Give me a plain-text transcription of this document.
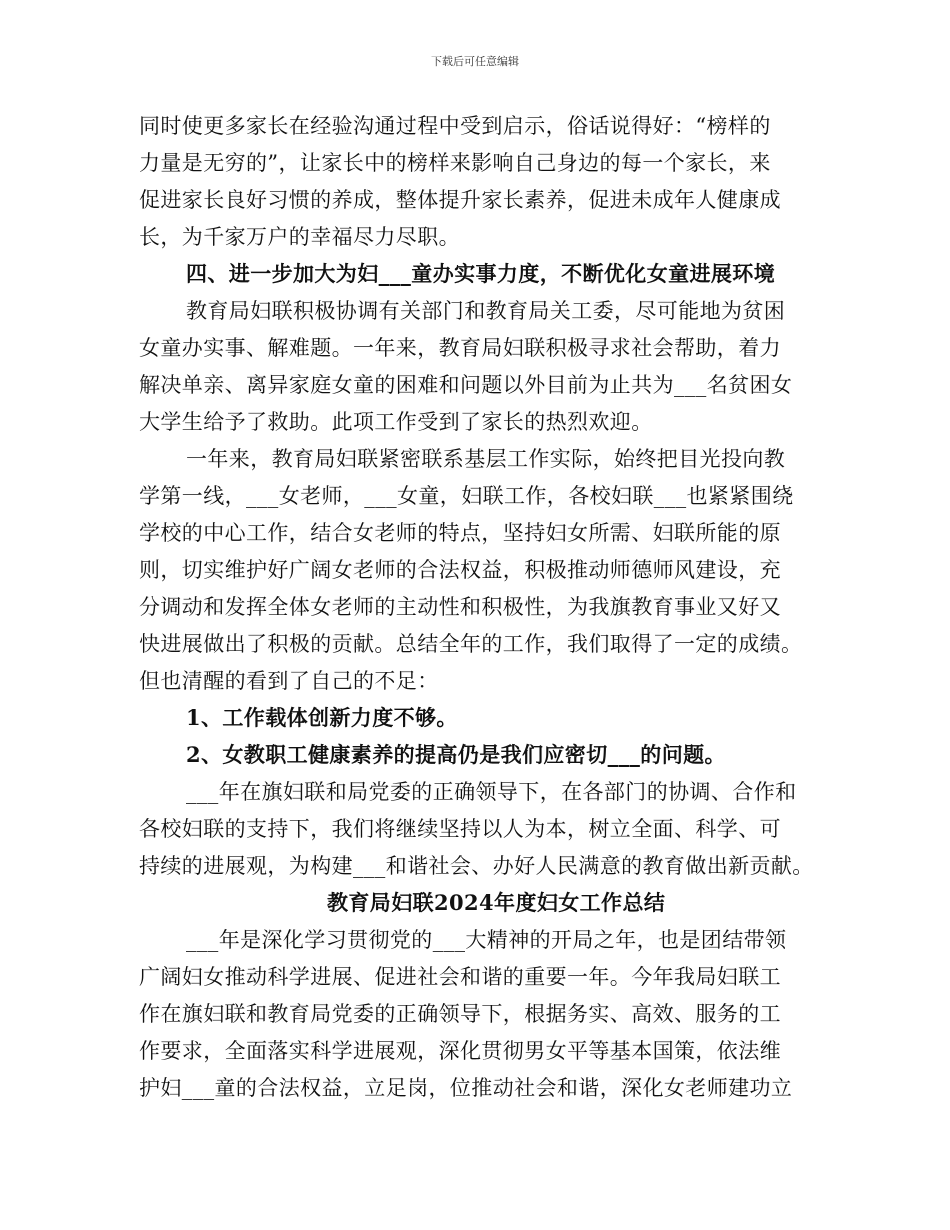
下载后可任意编辑
同时使更多家长在经验沟通过程中受到启示，俗话说得好：“榜样的
力量是无穷的”，让家长中的榜样来影响自己身边的每一个家长，来
促进家长良好习惯的养成，整体提升家长素养，促进未成年人健康成
长，为千家万户的幸福尽力尽职。
四、进一步加大为妇___童办实事力度，不断优化女童进展环境
教育局妇联积极协调有关部门和教育局关工委，尽可能地为贫困
女童办实事、解难题。一年来，教育局妇联积极寻求社会帮助，着力
解决单亲、离异家庭女童的困难和问题以外目前为止共为___名贫困女
大学生给予了救助。此项工作受到了家长的热烈欢迎。
一年来，教育局妇联紧密联系基层工作实际，始终把目光投向教
学第一线，___女老师，___女童，妇联工作，各校妇联___也紧紧围绕
学校的中心工作，结合女老师的特点，坚持妇女所需、妇联所能的原
则，切实维护好广阔女老师的合法权益，积极推动师德师风建设，充
分调动和发挥全体女老师的主动性和积极性，为我旗教育事业又好又
快进展做出了积极的贡献。总结全年的工作，我们取得了一定的成绩。
但也清醒的看到了自己的不足：
1、工作载体创新力度不够。
2、女教职工健康素养的提高仍是我们应密切___的问题。
___年在旗妇联和局党委的正确领导下，在各部门的协调、合作和
各校妇联的支持下，我们将继续坚持以人为本，树立全面、科学、可
持续的进展观，为构建___和谐社会、办好人民满意的教育做出新贡献。
教育局妇联2024年度妇女工作总结
___年是深化学习贯彻党的___大精神的开局之年，也是团结带领
广阔妇女推动科学进展、促进社会和谐的重要一年。今年我局妇联工
作在旗妇联和教育局党委的正确领导下，根据务实、高效、服务的工
作要求，全面落实科学进展观，深化贯彻男女平等基本国策，依法维
护妇___童的合法权益，立足岗，位推动社会和谐，深化女老师建功立
